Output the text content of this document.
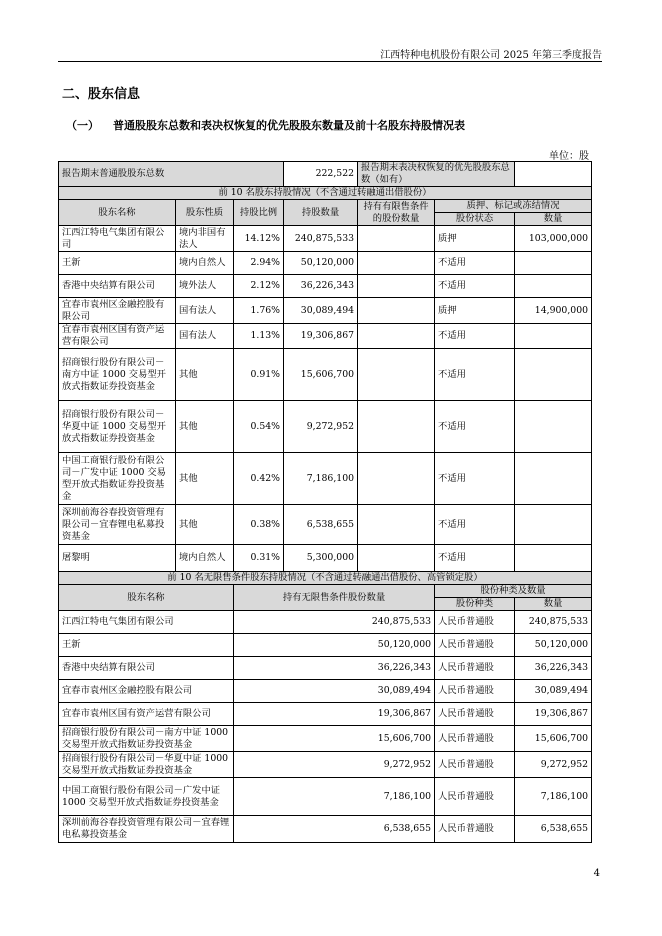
江西特种电机股份有限公司 2025 年第三季度报告
二、股东信息
（一） 普通股股东总数和表决权恢复的优先股股东数量及前十名股东持股情况表
单位：股
报告期末普通股股东总数			222,522	报告期末表决权恢复的优先股股东总数（如有）		
前 10 名股东持股情况（不含通过转融通出借股份）						
股东名称	股东性质	持股比例	持股数量	持有有限售条件的股份数量	质押、标记或冻结情况	
					股份状态	数量
江西江特电气集团有限公司	境内非国有法人	14.12%	240,875,533		质押	103,000,000
王新	境内自然人	2.94%	50,120,000		不适用	
香港中央结算有限公司	境外法人	2.12%	36,226,343		不适用	
宜春市袁州区金融控股有限公司	国有法人	1.76%	30,089,494		质押	14,900,000
宜春市袁州区国有资产运营有限公司	国有法人	1.13%	19,306,867		不适用	
招商银行股份有限公司－南方中证 1000 交易型开放式指数证券投资基金	其他	0.91%	15,606,700		不适用	
招商银行股份有限公司－华夏中证 1000 交易型开放式指数证券投资基金	其他	0.54%	9,272,952		不适用	
中国工商银行股份有限公司－广发中证 1000 交易型开放式指数证券投资基金	其他	0.42%	7,186,100		不适用	
深圳前海谷春投资管理有限公司－宜春锂电私募投资基金	其他	0.38%	6,538,655		不适用	
屠黎明	境内自然人	0.31%	5,300,000		不适用	
前 10 名无限售条件股东持股情况（不含通过转融通出借股份、高管锁定股）						
股东名称		持有无限售条件股份数量			股份种类及数量	
					股份种类	数量
江西江特电气集团有限公司		240,875,533			人民币普通股	240,875,533
王新		50,120,000			人民币普通股	50,120,000
香港中央结算有限公司		36,226,343			人民币普通股	36,226,343
宜春市袁州区金融控股有限公司		30,089,494			人民币普通股	30,089,494
宜春市袁州区国有资产运营有限公司		19,306,867			人民币普通股	19,306,867
招商银行股份有限公司－南方中证 1000 交易型开放式指数证券投资基金		15,606,700			人民币普通股	15,606,700
招商银行股份有限公司－华夏中证 1000 交易型开放式指数证券投资基金		9,272,952			人民币普通股	9,272,952
中国工商银行股份有限公司－广发中证 1000 交易型开放式指数证券投资基金		7,186,100			人民币普通股	7,186,100
深圳前海谷春投资管理有限公司－宜春锂电私募投资基金		6,538,655			人民币普通股	6,538,655
4
